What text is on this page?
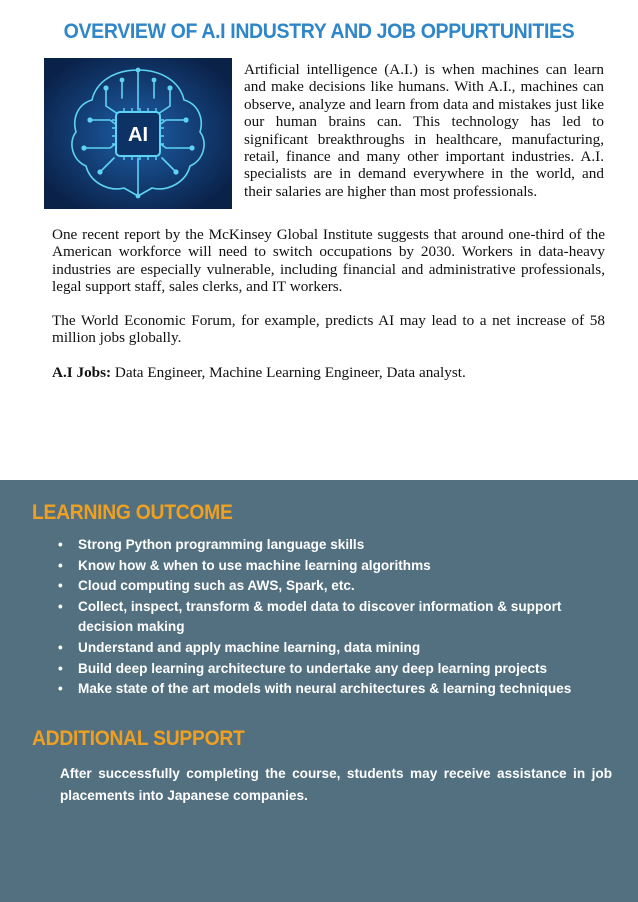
OVERVIEW OF A.I INDUSTRY AND JOB OPPURTUNITIES
AI

Artificial intelligence (A.I.) is when machines can learn and make decisions like humans. With A.I., machines can observe, analyze and learn from data and mistakes just like our human brains can. This technology has led to significant breakthroughs in healthcare, manufacturing, retail, finance and many other important industries. A.I. specialists are in demand everywhere in the world, and their salaries are higher than most professionals.

One recent report by the McKinsey Global Institute suggests that around one-third of the American workforce will need to switch occupations by 2030. Workers in data-heavy industries are especially vulnerable, including financial and administrative professionals, legal support staff, sales clerks, and IT workers.

The World Economic Forum, for example, predicts AI may lead to a net increase of 58 million jobs globally.

A.I Jobs: Data Engineer, Machine Learning Engineer, Data analyst.

LEARNING OUTCOME
• Strong Python programming language skills
• Know how & when to use machine learning algorithms
• Cloud computing such as AWS, Spark, etc.
• Collect, inspect, transform & model data to discover information & support
decision making
• Understand and apply machine learning, data mining
• Build deep learning architecture to undertake any deep learning projects
• Make state of the art models with neural architectures & learning techniques
ADDITIONAL SUPPORT

After successfully completing the course, students may receive assistance in job placements into Japanese companies.
